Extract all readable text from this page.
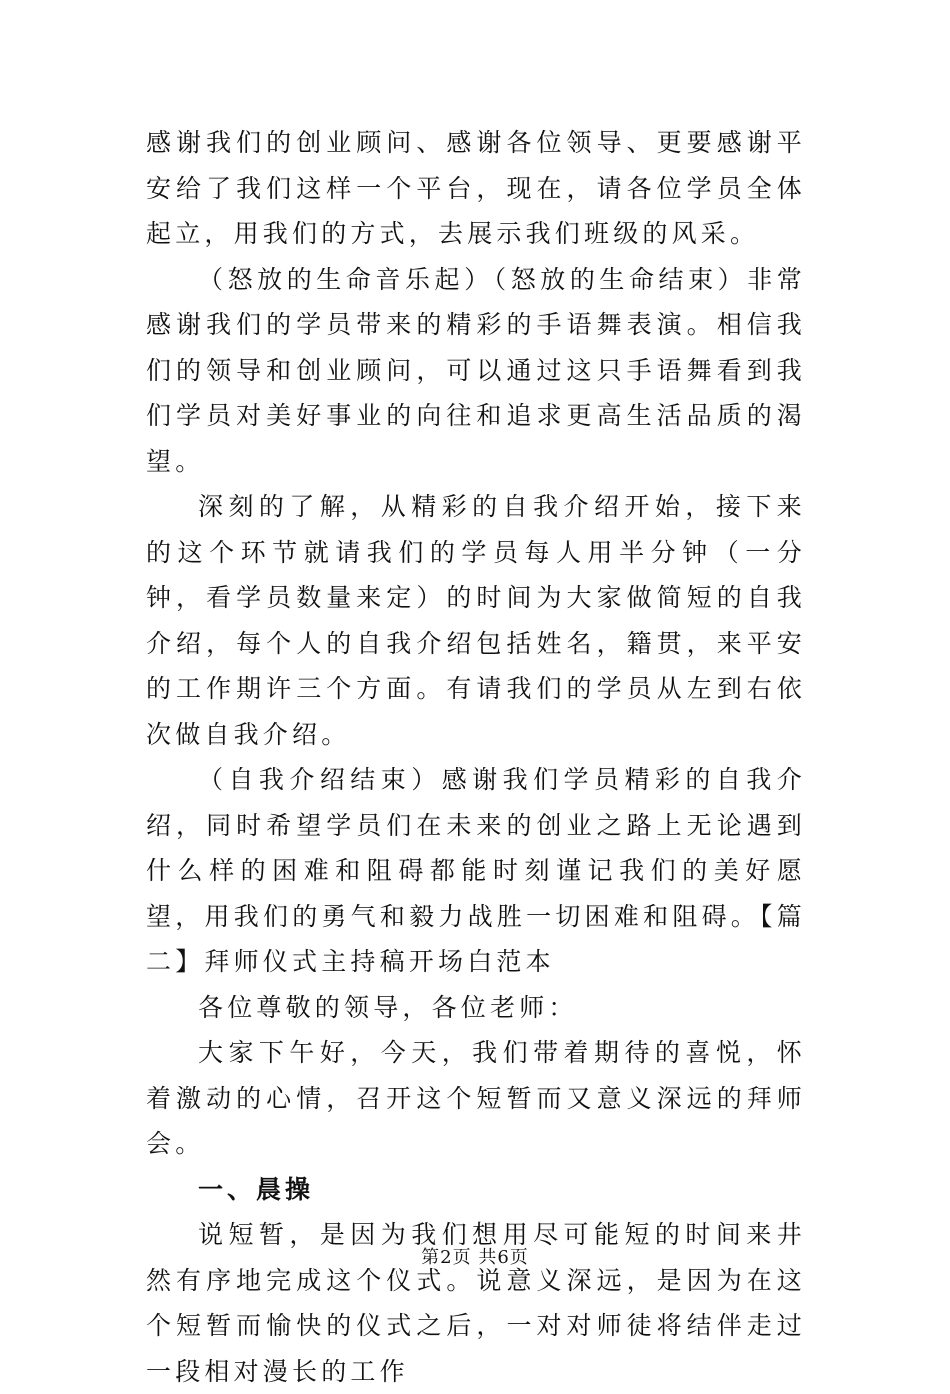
感谢我们的创业顾问、感谢各位领导、更要感谢平安给了我们这样一个平台，现在，请各位学员全体起立，用我们的方式，去展示我们班级的风采。

（怒放的生命音乐起）（怒放的生命结束）非常感谢我们的学员带来的精彩的手语舞表演。相信我们的领导和创业顾问，可以通过这只手语舞看到我们学员对美好事业的向往和追求更高生活品质的渴望。

深刻的了解，从精彩的自我介绍开始，接下来的这个环节就请我们的学员每人用半分钟（一分钟，看学员数量来定）的时间为大家做简短的自我介绍，每个人的自我介绍包括姓名，籍贯，来平安的工作期许三个方面。有请我们的学员从左到右依次做自我介绍。

（自我介绍结束）感谢我们学员精彩的自我介绍，同时希望学员们在未来的创业之路上无论遇到什么样的困难和阻碍都能时刻谨记我们的美好愿望，用我们的勇气和毅力战胜一切困难和阻碍。【篇二】拜师仪式主持稿开场白范本

各位尊敬的领导，各位老师：

大家下午好，今天，我们带着期待的喜悦，怀着激动的心情，召开这个短暂而又意义深远的拜师会。

一、晨操

说短暂，是因为我们想用尽可能短的时间来井然有序地完成这个仪式。说意义深远，是因为在这个短暂而愉快的仪式之后，一对对师徒将结伴走过一段相对漫长的工作

第2页 共6页
